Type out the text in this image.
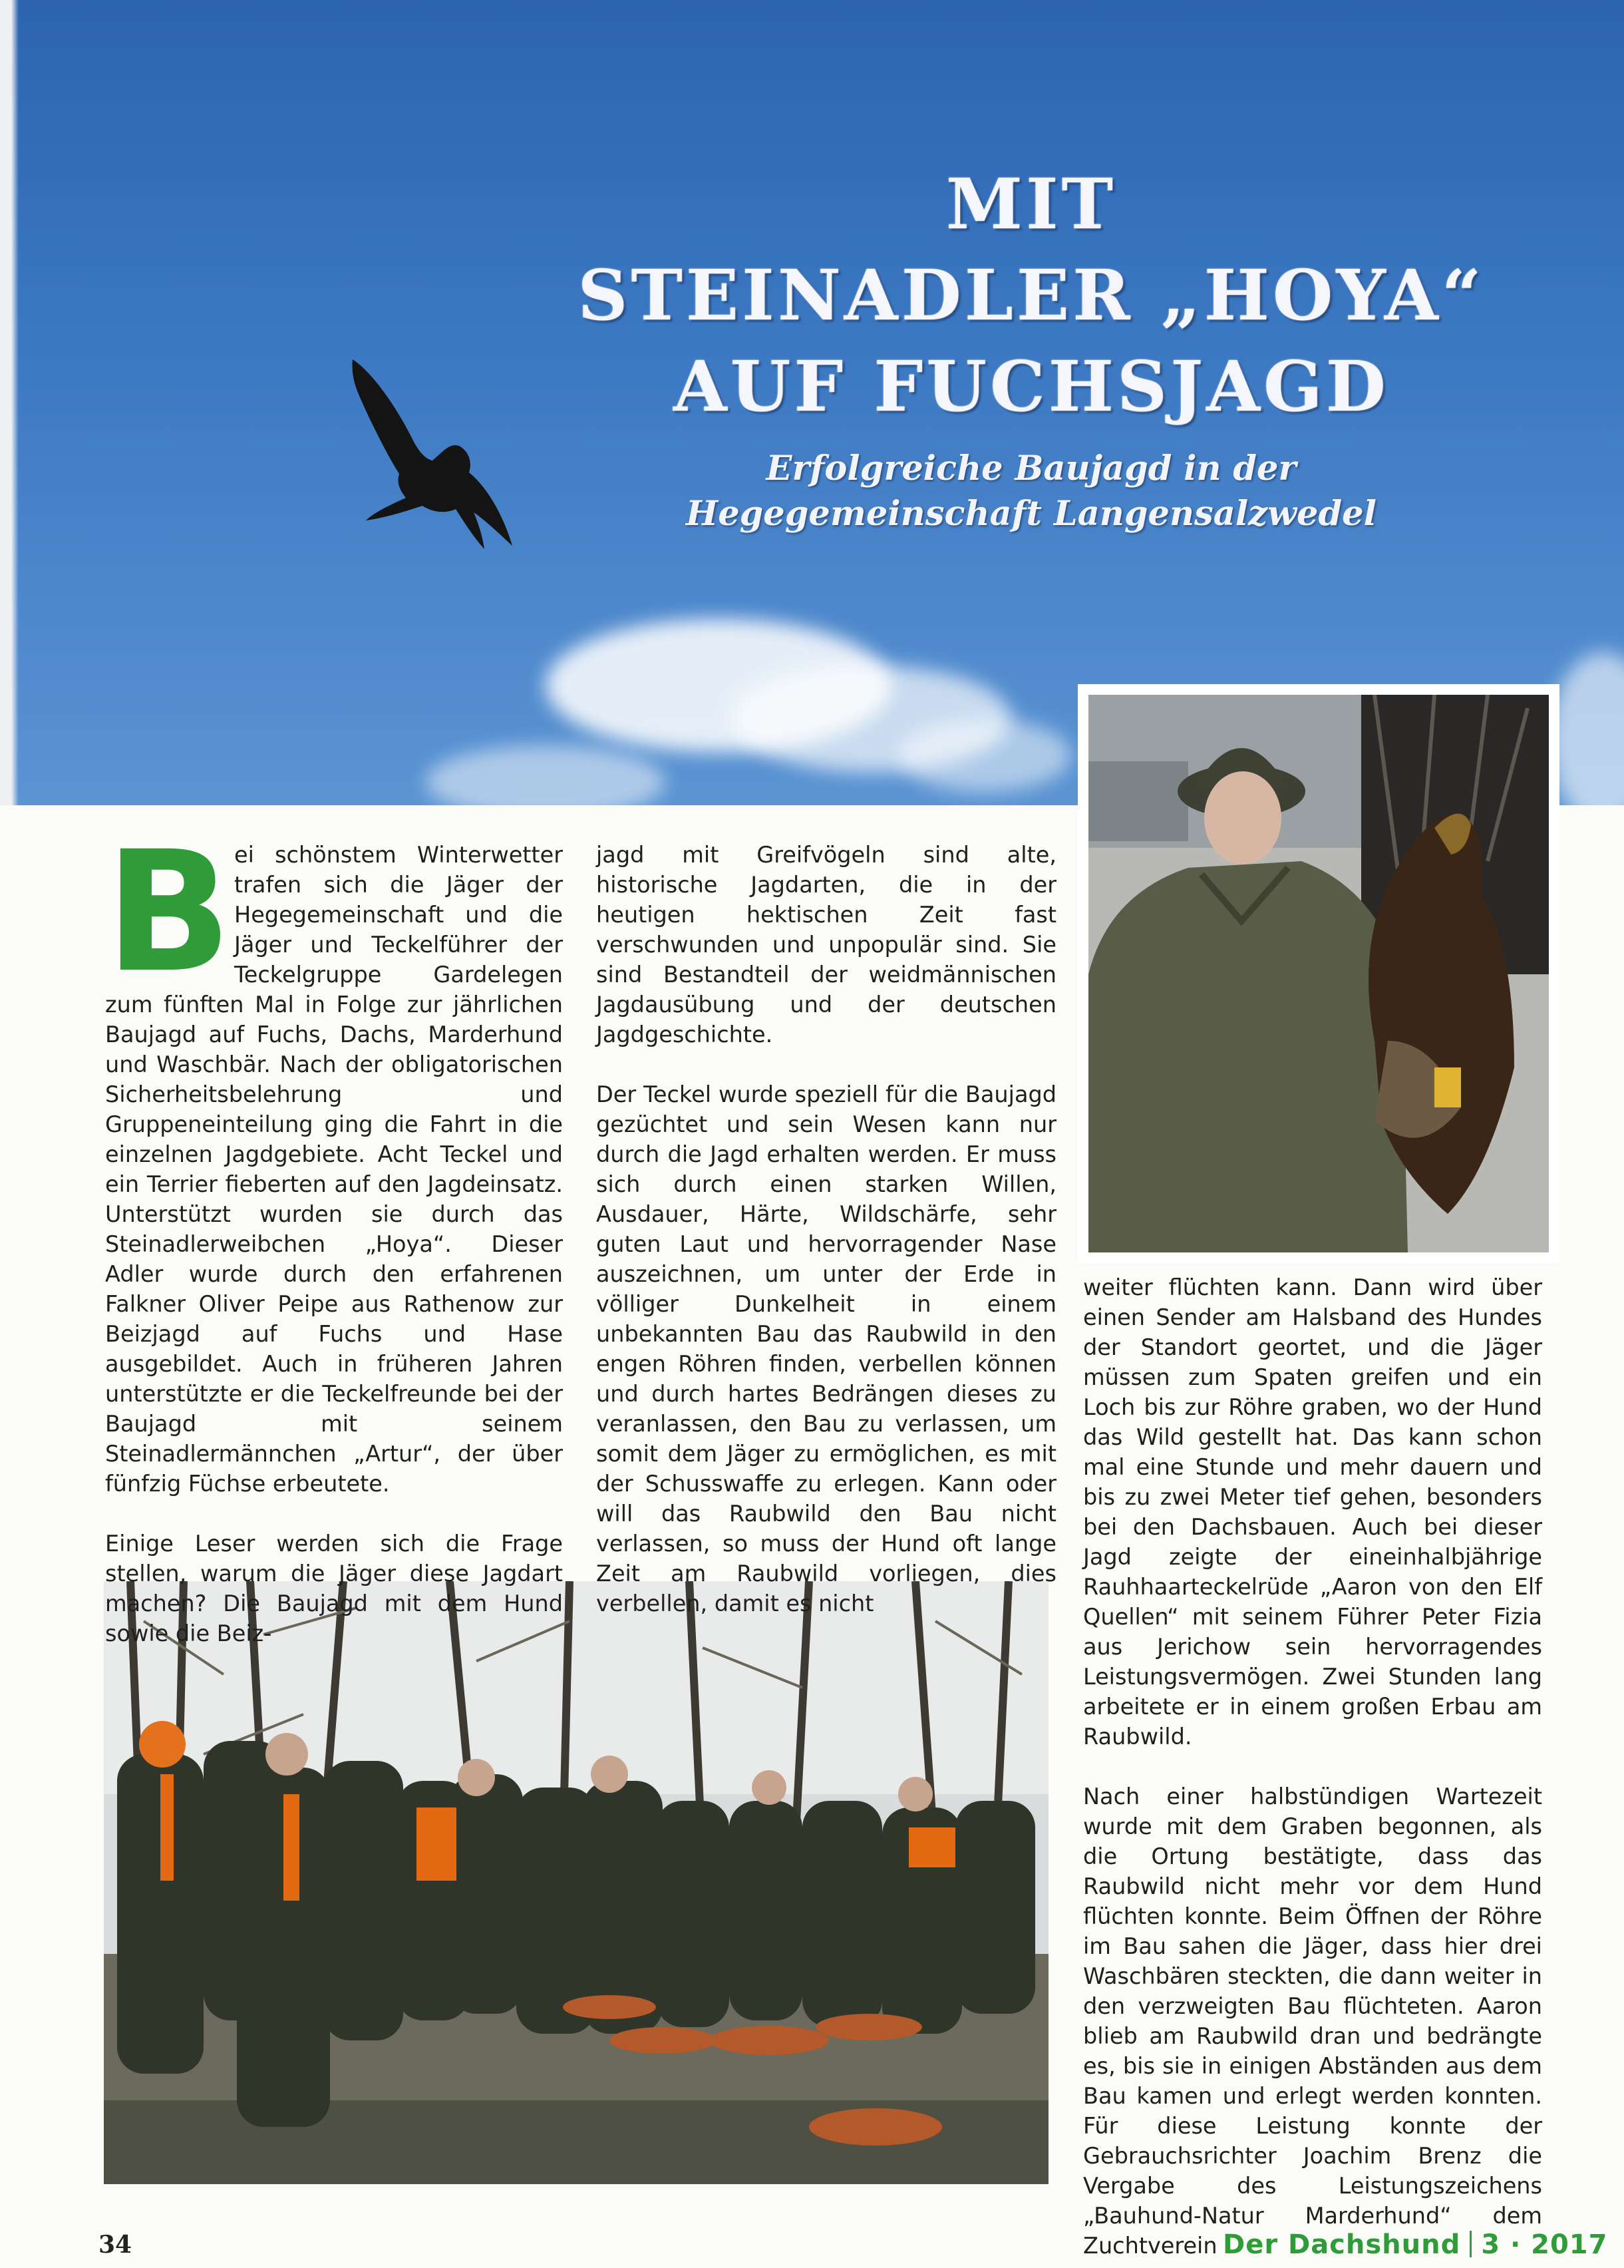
MIT
STEINADLER „HOYA“
AUF FUCHSJAGD
Erfolgreiche Baujagd in der
Hegegemeinschaft Langensalzwedel

B ei schönstem Winterwetter trafen sich die Jäger der Hegegemeinschaft und die Jäger und Teckelführer der Teckelgruppe Gardelegen zum fünften Mal in Folge zur jährlichen Baujagd auf Fuchs, Dachs, Marderhund und Waschbär. Nach der obligatorischen Sicherheitsbelehrung und Gruppeneinteilung ging die Fahrt in die einzelnen Jagdgebiete. Acht Teckel und ein Terrier fieberten auf den Jagdeinsatz. Unterstützt wurden sie durch das Steinadlerweibchen „Hoya“. Dieser Adler wurde durch den erfahrenen Falkner Oliver Peipe aus Rathenow zur Beizjagd auf Fuchs und Hase ausgebildet. Auch in früheren Jahren unterstützte er die Teckelfreunde bei der Baujagd mit seinem Steinadlermännchen „Artur“, der über fünfzig Füchse erbeutete.

Einige Leser werden sich die Frage stellen, warum die Jäger diese Jagdart machen? Die Baujagd mit dem Hund sowie die Beiz-

jagd mit Greifvögeln sind alte, historische Jagdarten, die in der heutigen hektischen Zeit fast verschwunden und unpopulär sind. Sie sind Bestandteil der weidmännischen Jagdausübung und der deutschen Jagdgeschichte.

Der Teckel wurde speziell für die Baujagd gezüchtet und sein Wesen kann nur durch die Jagd erhalten werden. Er muss sich durch einen starken Willen, Ausdauer, Härte, Wildschärfe, sehr guten Laut und hervorragender Nase auszeichnen, um unter der Erde in völliger Dunkelheit in einem unbekannten Bau das Raubwild in den engen Röhren finden, verbellen können und durch hartes Bedrängen dieses zu veranlassen, den Bau zu verlassen, um somit dem Jäger zu ermöglichen, es mit der Schusswaffe zu erlegen. Kann oder will das Raubwild den Bau nicht verlassen, so muss der Hund oft lange Zeit am Raubwild vorliegen, dies verbellen, damit es nicht

weiter flüchten kann. Dann wird über einen Sender am Halsband des Hundes der Standort geortet, und die Jäger müssen zum Spaten greifen und ein Loch bis zur Röhre graben, wo der Hund das Wild gestellt hat. Das kann schon mal eine Stunde und mehr dauern und bis zu zwei Meter tief gehen, besonders bei den Dachsbauen. Auch bei dieser Jagd zeigte der eineinhalbjährige Rauhhaarteckelrüde „Aaron von den Elf Quellen“ mit seinem Führer Peter Fizia aus Jerichow sein hervorragendes Leistungsvermögen. Zwei Stunden lang arbeitete er in einem großen Erbau am Raubwild.

Nach einer halbstündigen Wartezeit wurde mit dem Graben begonnen, als die Ortung bestätigte, dass das Raubwild nicht mehr vor dem Hund flüchten konnte. Beim Öffnen der Röhre im Bau sahen die Jäger, dass hier drei Waschbären steckten, die dann weiter in den verzweigten Bau flüchteten. Aaron blieb am Raubwild dran und bedrängte es, bis sie in einigen Abständen aus dem Bau kamen und erlegt werden konnten. Für diese Leistung konnte der Gebrauchsrichter Joachim Brenz die Vergabe des Leistungszeichens „Bauhund-Natur Marderhund“ dem Zuchtverein

34	Der Dachshund 3 · 2017
